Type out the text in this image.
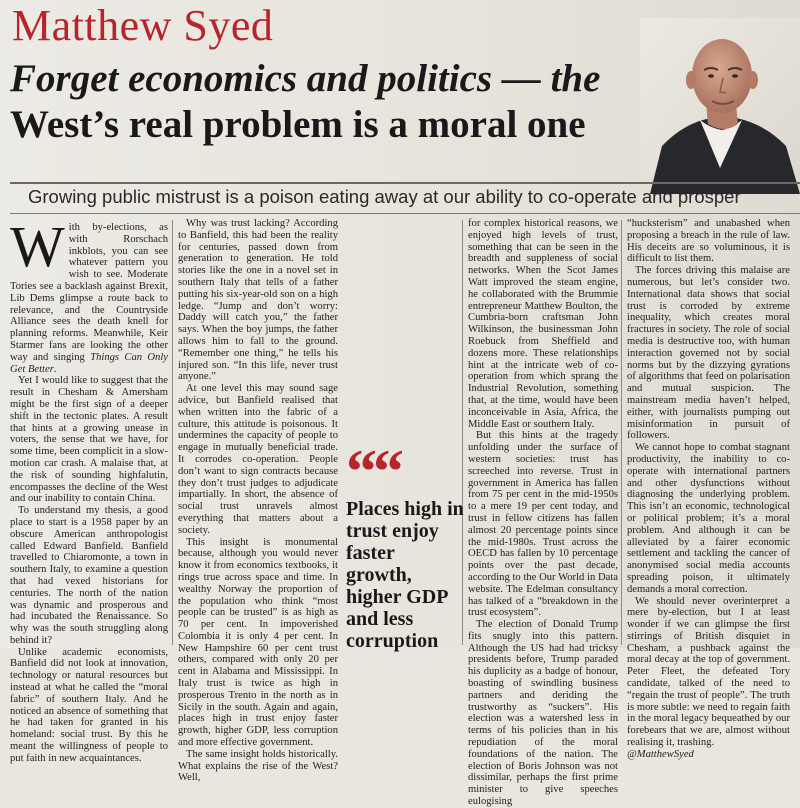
Matthew Syed
Forget economics and politics — the
West’s real problem is a moral one
Growing public mistrust is a poison eating away at our ability to co-operate and prosper

With by-elections, as with Rorschach inkblots, you can see whatever pattern you wish to see. Moderate Tories see a backlash against Brexit, Lib Dems glimpse a route back to relevance, and the Countryside Alliance sees the death knell for planning reforms. Meanwhile, Keir Starmer fans are looking the other way and singing Things Can Only Get Better.

Yet I would like to suggest that the result in Chesham & Amersham might be the first sign of a deeper shift in the tectonic plates. A result that hints at a growing unease in voters, the sense that we have, for some time, been complicit in a slow-motion car crash. A malaise that, at the risk of sounding highfalutin, encompasses the decline of the West and our inability to contain China.

To understand my thesis, a good place to start is a 1958 paper by an obscure American anthropologist called Edward Banfield. Banfield travelled to Chiaromonte, a town in southern Italy, to examine a question that had vexed historians for centuries. The north of the nation was dynamic and prosperous and had incubated the Renaissance. So why was the south struggling along behind it?

Unlike academic economists, Banfield did not look at innovation, technology or natural resources but instead at what he called the “moral fabric” of southern Italy. And he noticed an absence of something that he had taken for granted in his homeland: social trust. By this he meant the willingness of people to put faith in new acquaintances.

Why was trust lacking? According to Banfield, this had been the reality for centuries, passed down from generation to generation. He told stories like the one in a novel set in southern Italy that tells of a father putting his six-year-old son on a high ledge. “Jump and don’t worry: Daddy will catch you,” the father says. When the boy jumps, the father allows him to fall to the ground. “Remember one thing,” he tells his injured son. “In this life, never trust anyone.”

At one level this may sound sage advice, but Banfield realised that when written into the fabric of a culture, this attitude is poisonous. It undermines the capacity of people to engage in mutually beneficial trade. It corrodes co-operation. People don’t want to sign contracts because they don’t trust judges to adjudicate impartially. In short, the absence of social trust unravels almost everything that matters about a society.

This insight is monumental because, although you would never know it from economics textbooks, it rings true across space and time. In wealthy Norway the proportion of the population who think “most people can be trusted” is as high as 70 per cent. In impoverished Colombia it is only 4 per cent. In New Hampshire 60 per cent trust others, compared with only 20 per cent in Alabama and Mississippi. In Italy trust is twice as high in prosperous Trento in the north as in Sicily in the south. Again and again, places high in trust enjoy faster growth, higher GDP, less corruption and more effective government.

The same insight holds historically. What explains the rise of the West? Well,

““
Places high in trust enjoy faster growth, higher GDP and less corruption

for complex historical reasons, we enjoyed high levels of trust, something that can be seen in the breadth and suppleness of social networks. When the Scot James Watt improved the steam engine, he collaborated with the Brummie entrepreneur Matthew Boulton, the Cumbria-born craftsman John Wilkinson, the businessman John Roebuck from Sheffield and dozens more. These relationships hint at the intricate web of co-operation from which sprang the Industrial Revolution, something that, at the time, would have been inconceivable in Asia, Africa, the Middle East or southern Italy.

But this hints at the tragedy unfolding under the surface of western societies: trust has screeched into reverse. Trust in government in America has fallen from 75 per cent in the mid-1950s to a mere 19 per cent today, and trust in fellow citizens has fallen almost 20 percentage points since the mid-1980s. Trust across the OECD has fallen by 10 percentage points over the past decade, according to the Our World in Data website. The Edelman consultancy has talked of a “breakdown in the trust ecosystem”.

The election of Donald Trump fits snugly into this pattern. Although the US had had tricksy presidents before, Trump paraded his duplicity as a badge of honour, boasting of swindling business partners and deriding the trustworthy as “suckers”. His election was a watershed less in terms of his policies than in his repudiation of the moral foundations of the nation. The election of Boris Johnson was not dissimilar, perhaps the first prime minister to give speeches eulogising

“hucksterism” and unabashed when proposing a breach in the rule of law. His deceits are so voluminous, it is difficult to list them.

The forces driving this malaise are numerous, but let’s consider two. International data shows that social trust is corroded by extreme inequality, which creates moral fractures in society. The role of social media is destructive too, with human interaction governed not by social norms but by the dizzying gyrations of algorithms that feed on polarisation and mutual suspicion. The mainstream media haven’t helped, either, with journalists pumping out misinformation in pursuit of followers.

We cannot hope to combat stagnant productivity, the inability to co-operate with international partners and other dysfunctions without diagnosing the underlying problem. This isn’t an economic, technological or political problem; it’s a moral problem. And although it can be alleviated by a fairer economic settlement and tackling the cancer of anonymised social media accounts spreading poison, it ultimately demands a moral correction.

We should never overinterpret a mere by-election, but I at least wonder if we can glimpse the first stirrings of British disquiet in Chesham, a pushback against the moral decay at the top of government. Peter Fleet, the defeated Tory candidate, talked of the need to “regain the trust of people”. The truth is more subtle: we need to regain faith in the moral legacy bequeathed by our forebears that we are, almost without realising it, trashing.

@MatthewSyed
